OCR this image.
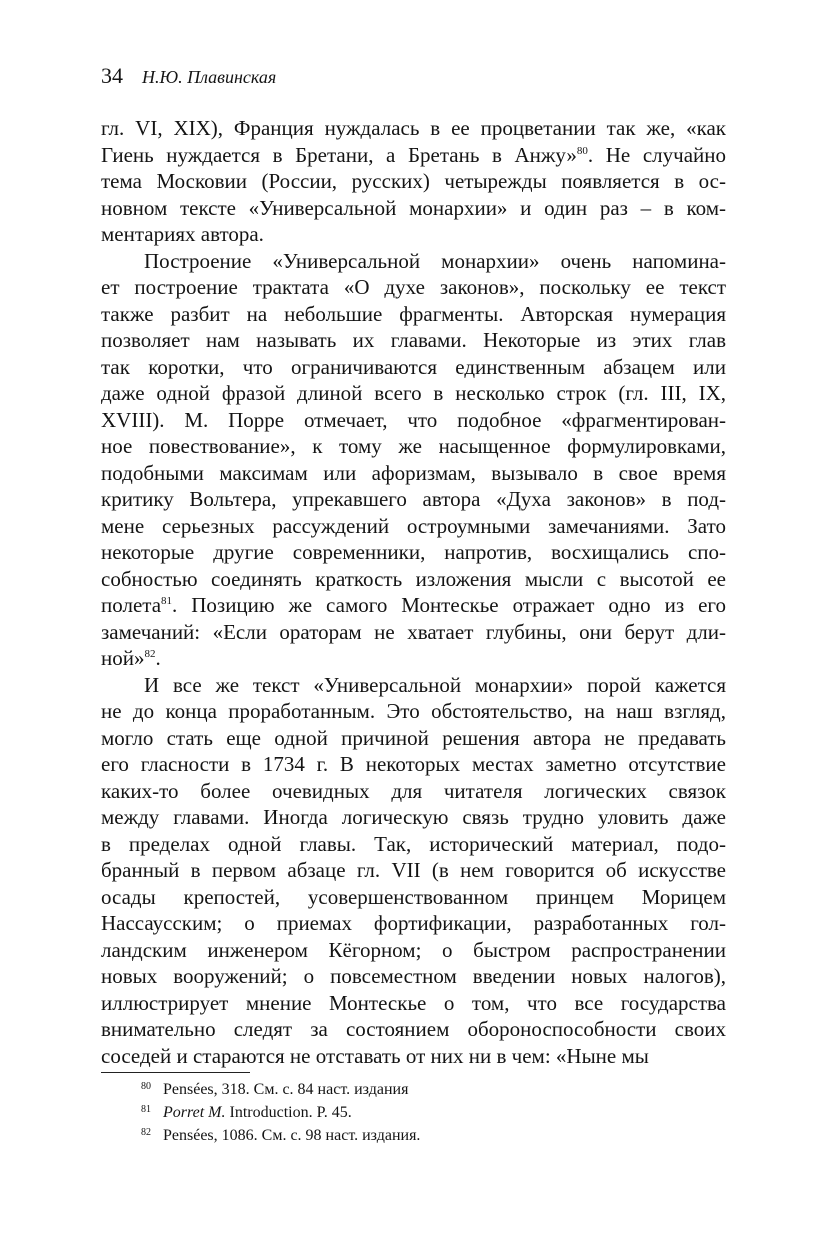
34 Н.Ю. Плавинская
гл. VI, XIX), Франция нуждалась в ее процветании так же, «как
Гиень нуждается в Бретани, а Бретань в Анжу»$^{80}$. Не случайно
тема Московии (России, русских) четырежды появляется в ос-
новном тексте «Универсальной монархии» и один раз – в ком-
ментариях автора.
Построение «Универсальной монархии» очень напомина-
ет построение трактата «О духе законов», поскольку ее текст
также разбит на небольшие фрагменты. Авторская нумерация
позволяет нам называть их главами. Некоторые из этих глав
так коротки, что ограничиваются единственным абзацем или
даже одной фразой длиной всего в несколько строк (гл. III, IX,
XVIII). М. Порре отмечает, что подобное «фрагментирован-
ное повествование», к тому же насыщенное формулировками,
подобными максимам или афоризмам, вызывало в свое время
критику Вольтера, упрекавшего автора «Духа законов» в под-
мене серьезных рассуждений остроумными замечаниями. Зато
некоторые другие современники, напротив, восхищались спо-
собностью соединять краткость изложения мысли с высотой ее
полета$^{81}$. Позицию же самого Монтескье отражает одно из его
замечаний: «Если ораторам не хватает глубины, они берут дли-
ной»$^{82}$.
И все же текст «Универсальной монархии» порой кажется
не до конца проработанным. Это обстоятельство, на наш взгляд,
могло стать еще одной причиной решения автора не предавать
его гласности в 1734 г. В некоторых местах заметно отсутствие
каких-то более очевидных для читателя логических связок
между главами. Иногда логическую связь трудно уловить даже
в пределах одной главы. Так, исторический материал, подо-
бранный в первом абзаце гл. VII (в нем говорится об искусстве
осады крепостей, усовершенствованном принцем Морицем
Нассаусским; о приемах фортификации, разработанных гол-
ландским инженером Кёгорном; о быстром распространении
новых вооружений; о повсеместном введении новых налогов),
иллюстрирует мнение Монтескье о том, что все государства
внимательно следят за состоянием обороноспособности своих
соседей и стараются не отставать от них ни в чем: «Ныне мы
80 Pensées, 318. См. с. 84 наст. издания
81 Porret M. Introduction. P. 45.
82 Pensées, 1086. См. с. 98 наст. издания.
